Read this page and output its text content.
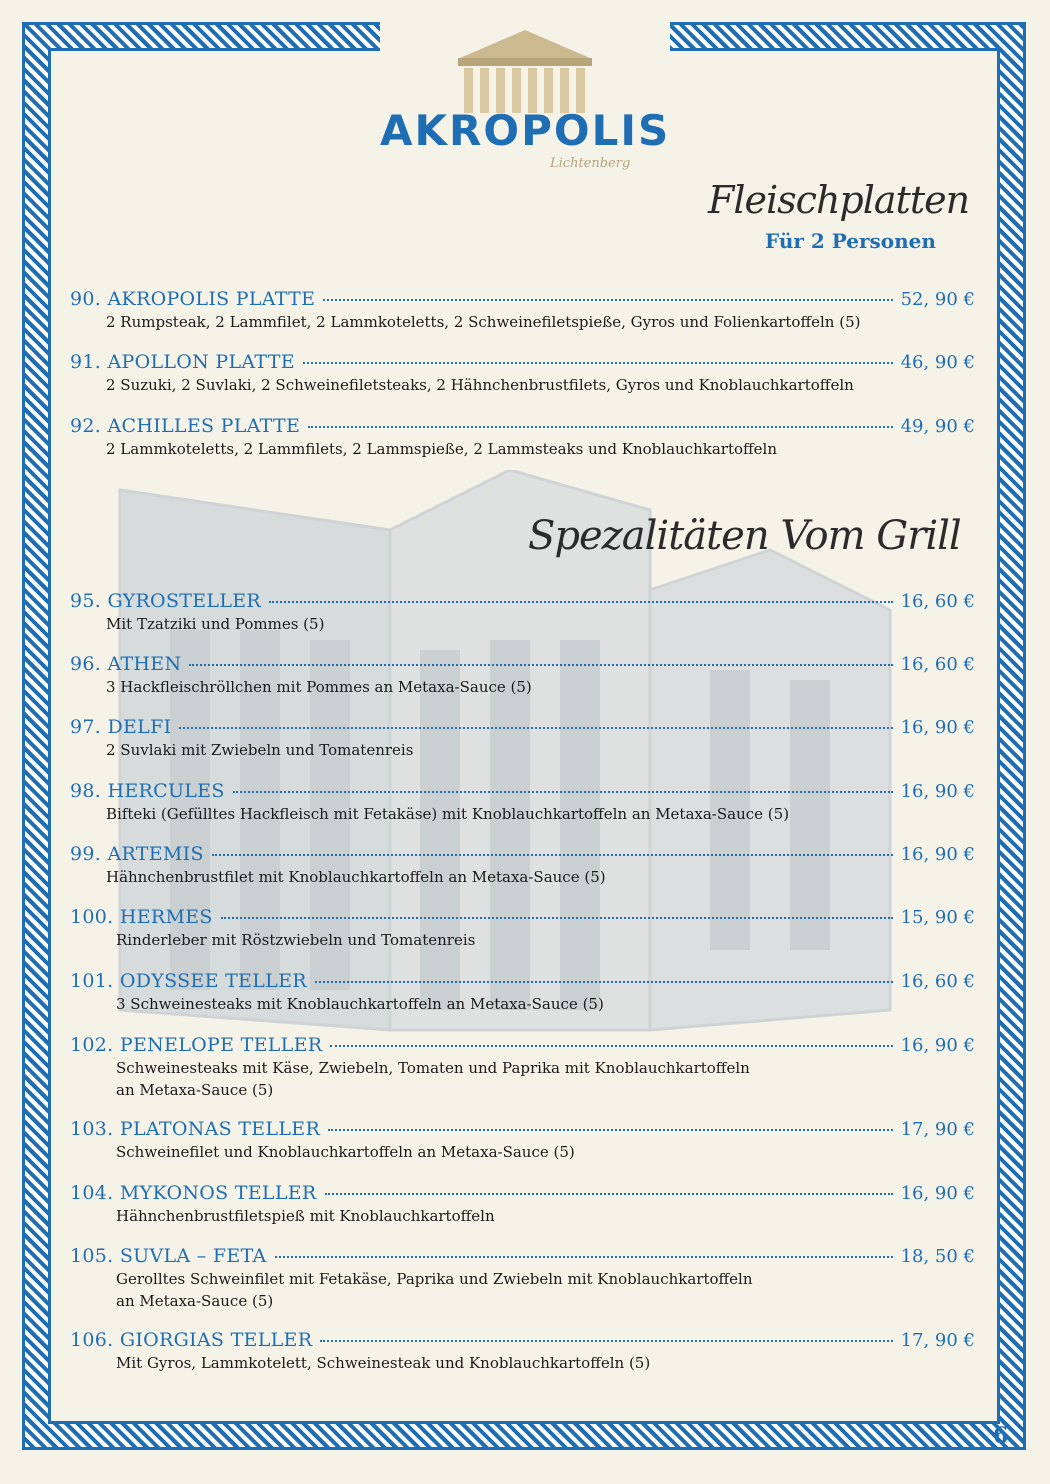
AKROPOLIS
Lichtenberg
Fleischplatten
Für 2 Personen
Spezalitäten Vom Grill
90. AKROPOLIS PLATTE	52, 90 €
2 Rumpsteak, 2 Lammfilet, 2 Lammkoteletts, 2 Schweinefiletspieße, Gyros und Folienkartoffeln (5)
91. APOLLON PLATTE	46, 90 €
2 Suzuki, 2 Suvlaki, 2 Schweinefiletsteaks, 2 Hähnchenbrustfilets, Gyros und Knoblauchkartoffeln
92. ACHILLES PLATTE	49, 90 €
2 Lammkoteletts, 2 Lammfilets, 2 Lammspieße, 2 Lammsteaks und Knoblauchkartoffeln
95. GYROSTELLER	16, 60 €
Mit Tzatziki und Pommes (5)
96. ATHEN	16, 60 €
3 Hackfleischröllchen mit Pommes an Metaxa-Sauce (5)
97. DELFI	16, 90 €
2 Suvlaki mit Zwiebeln und Tomatenreis
98. HERCULES	16, 90 €
Bifteki (Gefülltes Hackfleisch mit Fetakäse) mit Knoblauchkartoffeln an Metaxa-Sauce (5)
99. ARTEMIS	16, 90 €
Hähnchenbrustfilet mit Knoblauchkartoffeln an Metaxa-Sauce (5)
100. HERMES	15, 90 €
Rinderleber mit Röstzwiebeln und Tomatenreis
101. ODYSSEE TELLER	16, 60 €
3 Schweinesteaks mit Knoblauchkartoffeln an Metaxa-Sauce (5)
102. PENELOPE TELLER	16, 90 €
Schweinesteaks mit Käse, Zwiebeln, Tomaten und Paprika mit Knoblauchkartoffeln
an Metaxa-Sauce (5)
103. PLATONAS TELLER	17, 90 €
Schweinefilet und Knoblauchkartoffeln an Metaxa-Sauce (5)
104. MYKONOS TELLER	16, 90 €
Hähnchenbrustfiletspieß mit Knoblauchkartoffeln
105. SUVLA – FETA	18, 50 €
Gerolltes Schweinfilet mit Fetakäse, Paprika und Zwiebeln mit Knoblauchkartoffeln
an Metaxa-Sauce (5)
106. GIORGIAS TELLER	17, 90 €
Mit Gyros, Lammkotelett, Schweinesteak und Knoblauchkartoffeln (5)
6
